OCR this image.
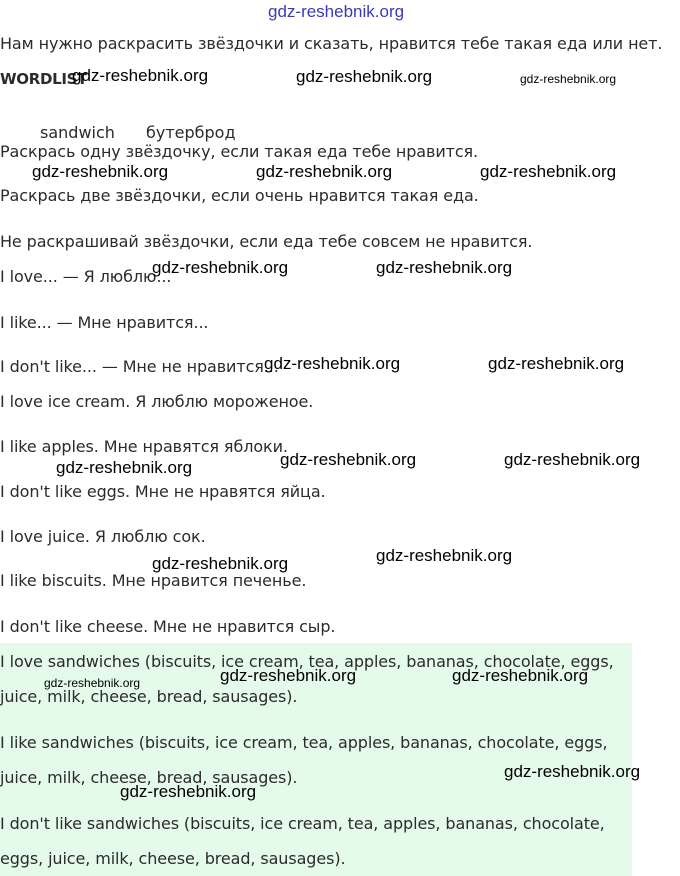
gdz-reshebnik.org
Нам нужно раскрасить звёздочки и сказать, нравится тебе такая еда или нет.
WORDLIST
gdz-reshebnik.org	gdz-reshebnik.org	gdz-reshebnik.org
sandwich бутерброд
Раскрась одну звёздочку, если такая еда тебе нравится.
gdz-reshebnik.org	gdz-reshebnik.org	gdz-reshebnik.org
Раскрась две звёздочки, если очень нравится такая еда.
Не раскрашивай звёздочки, если еда тебе совсем не нравится.
I love... — Я люблю...
gdz-reshebnik.org	gdz-reshebnik.org
I like... — Мне нравится...
I don't like... — Мне не нравится...
gdz-reshebnik.org	gdz-reshebnik.org
I love ice cream. Я люблю мороженое.
I like apples. Мне нравятся яблоки.
gdz-reshebnik.org	gdz-reshebnik.org	gdz-reshebnik.org
I don't like eggs. Мне не нравятся яйца.
I love juice. Я люблю сок.
gdz-reshebnik.org	gdz-reshebnik.org
I like biscuits. Мне нравится печенье.
I don't like cheese. Мне не нравится сыр.
I love sandwiches (biscuits, ice cream, tea, apples, bananas, chocolate, eggs,
gdz-reshebnik.org	gdz-reshebnik.org	gdz-reshebnik.org
juice, milk, cheese, bread, sausages).
I like sandwiches (biscuits, ice cream, tea, apples, bananas, chocolate, eggs,
juice, milk, cheese, bread, sausages).	gdz-reshebnik.org
gdz-reshebnik.org
I don't like sandwiches (biscuits, ice cream, tea, apples, bananas, chocolate,
eggs, juice, milk, cheese, bread, sausages).
